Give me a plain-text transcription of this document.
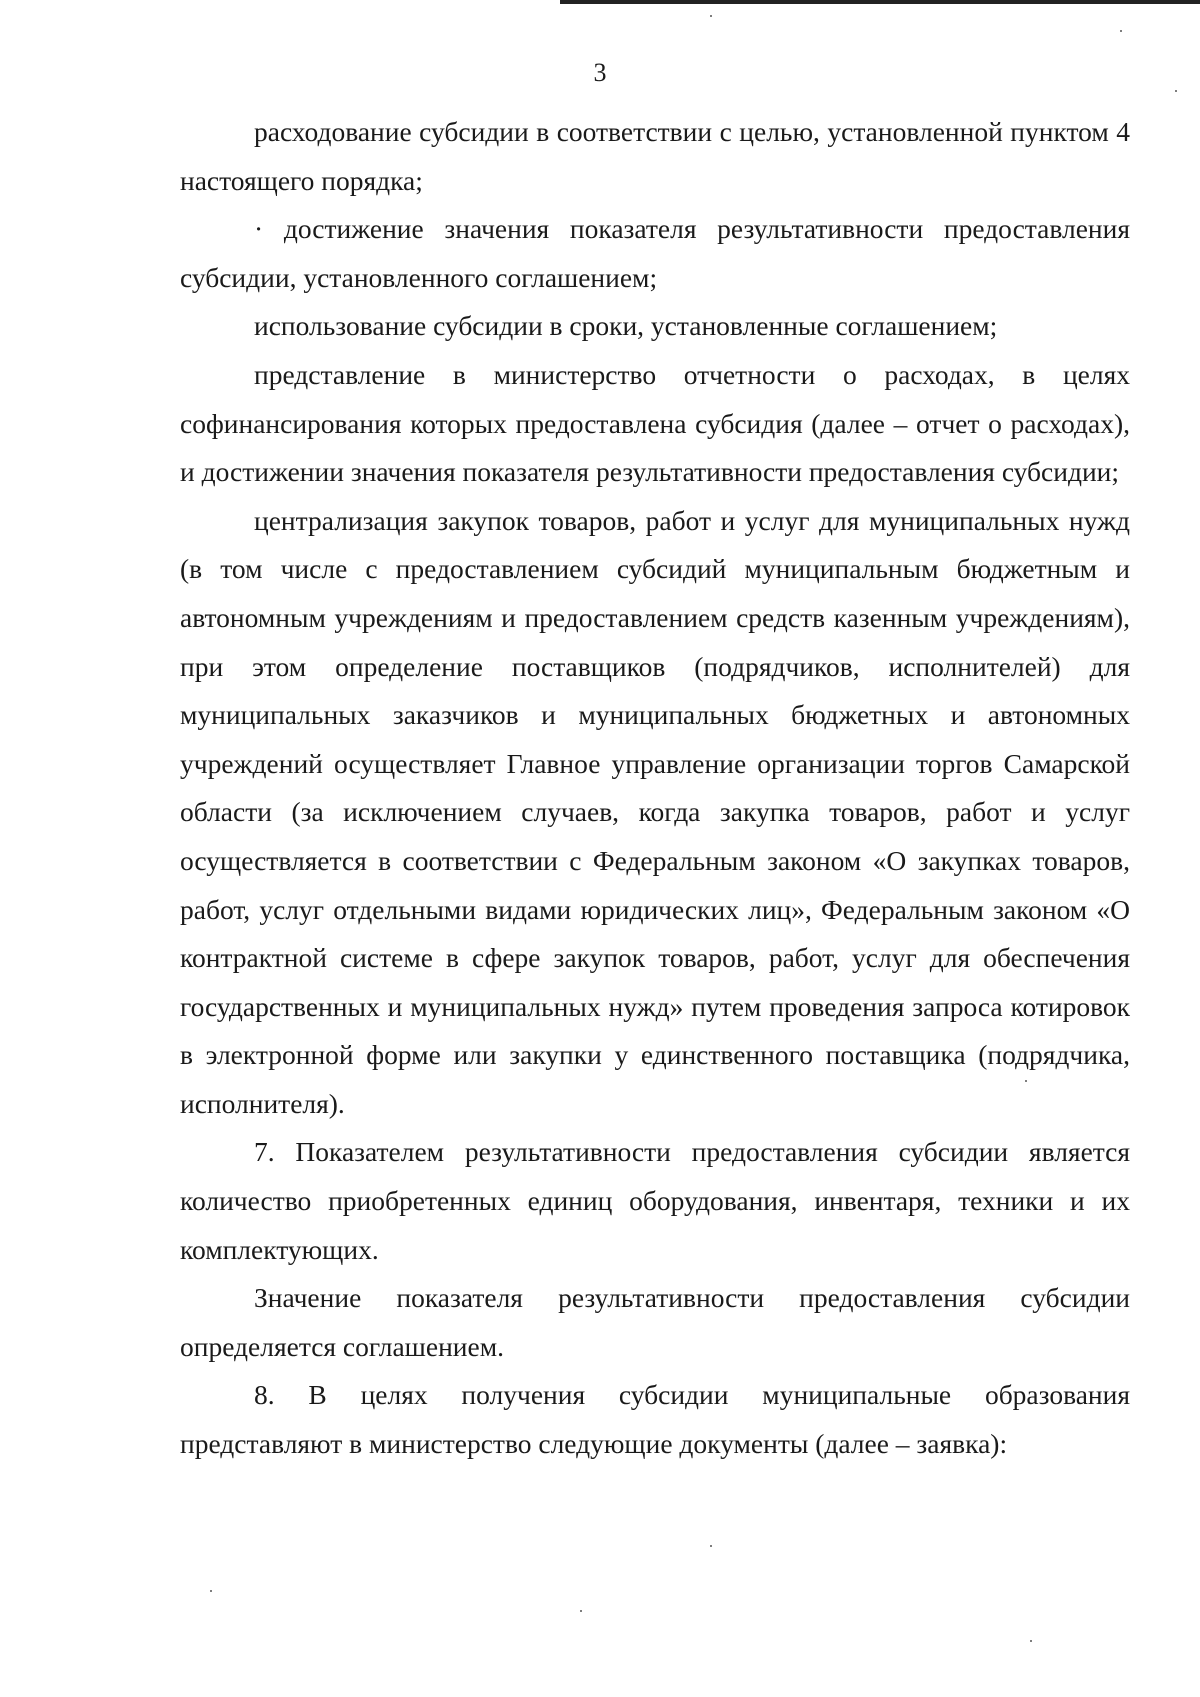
3

расходование субсидии в соответствии с целью, установленной пунктом 4 настоящего порядка;

· достижение значения показателя результативности предоставления субсидии, установленного соглашением;

использование субсидии в сроки, установленные соглашением;

представление в министерство отчетности о расходах, в целях софинансирования которых предоставлена субсидия (далее – отчет о расходах), и достижении значения показателя результативности предоставления субсидии;

централизация закупок товаров, работ и услуг для муниципальных нужд (в том числе с предоставлением субсидий муниципальным бюджетным и автономным учреждениям и предоставлением средств казенным учреждениям), при этом определение поставщиков (подрядчиков, исполнителей) для муниципальных заказчиков и муниципальных бюджетных и автономных учреждений осуществляет Главное управление организации торгов Самарской области (за исключением случаев, когда закупка товаров, работ и услуг осуществляется в соответствии с Федеральным законом «О закупках товаров, работ, услуг отдельными видами юридических лиц», Федеральным законом «О контрактной системе в сфере закупок товаров, работ, услуг для обеспечения государственных и муниципальных нужд» путем проведения запроса котировок в электронной форме или закупки у единственного поставщика (подрядчика, исполнителя).

7. Показателем результативности предоставления субсидии является количество приобретенных единиц оборудования, инвентаря, техники и их комплектующих.

Значение показателя результативности предоставления субсидии определяется соглашением.

8. В целях получения субсидии муниципальные образования представляют в министерство следующие документы (далее – заявка):
